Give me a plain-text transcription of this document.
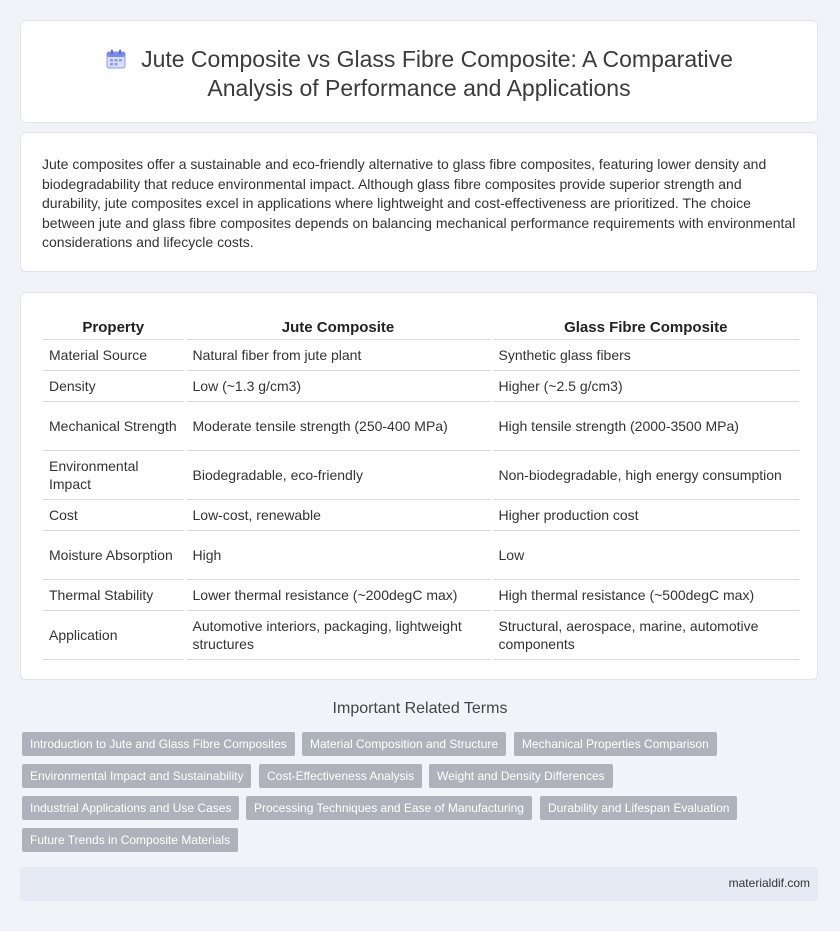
Jute Composite vs Glass Fibre Composite: A Comparative
Analysis of Performance and Applications

Jute composites offer a sustainable and eco-friendly alternative to glass fibre composites, featuring lower density and biodegradability that reduce environmental impact. Although glass fibre composites provide superior strength and durability, jute composites excel in applications where lightweight and cost-effectiveness are prioritized. The choice between jute and glass fibre composites depends on balancing mechanical performance requirements with environmental considerations and lifecycle costs.

Property	Jute Composite	Glass Fibre Composite
Material Source	Natural fiber from jute plant	Synthetic glass fibers
Density	Low (~1.3 g/cm3)	Higher (~2.5 g/cm3)
Mechanical Strength	Moderate tensile strength (250-400 MPa)	High tensile strength (2000-3500 MPa)
Environmental Impact	Biodegradable, eco-friendly	Non-biodegradable, high energy consumption
Cost	Low-cost, renewable	Higher production cost
Moisture Absorption	High	Low
Thermal Stability	Lower thermal resistance (~200degC max)	High thermal resistance (~500degC max)
Application	Automotive interiors, packaging, lightweight structures	Structural, aerospace, marine, automotive components
Important Related Terms
Introduction to Jute and Glass Fibre Composites	Material Composition and Structure	Mechanical Properties Comparison
Environmental Impact and Sustainability	Cost-Effectiveness Analysis	Weight and Density Differences
Industrial Applications and Use Cases	Processing Techniques and Ease of Manufacturing	Durability and Lifespan Evaluation
Future Trends in Composite Materials
materialdif.com
